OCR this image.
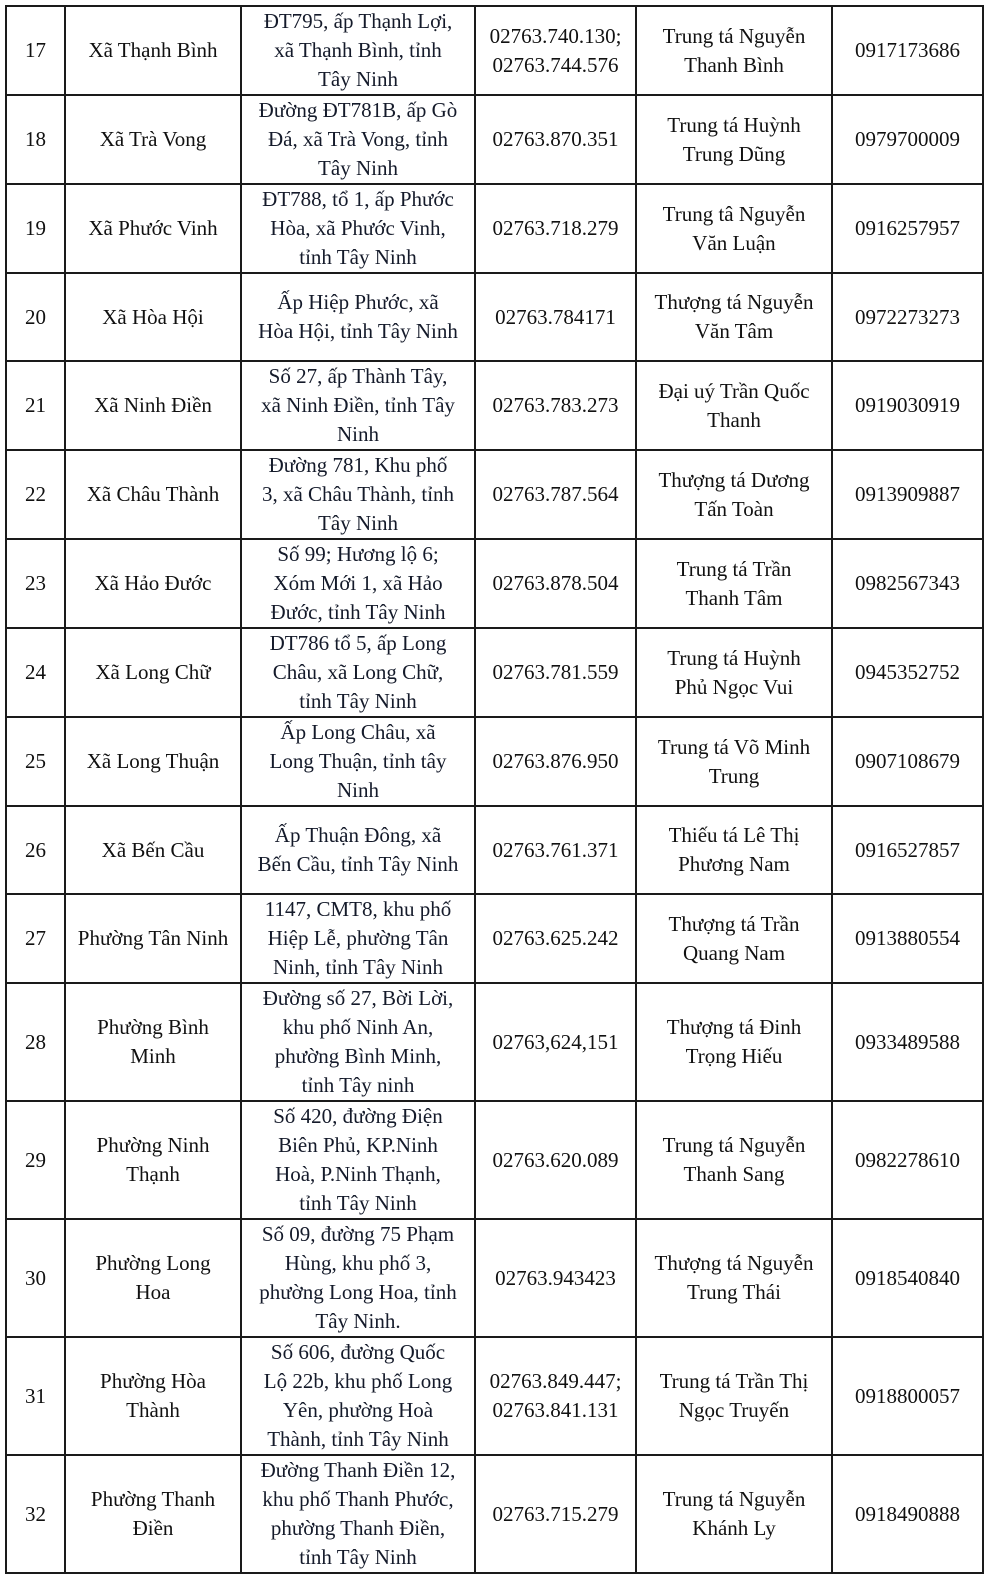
17	Xã Thạnh Bình	ĐT795, ấp Thạnh Lợi,
xã Thạnh Bình, tỉnh
Tây Ninh	02763.740.130;
02763.744.576	Trung tá Nguyễn
Thanh Bình	0917173686

18	Xã Trà Vong	Đường ĐT781B, ấp Gò
Đá, xã Trà Vong, tỉnh
Tây Ninh	02763.870.351	Trung tá Huỳnh
Trung Dũng	0979700009

19	Xã Phước Vinh	ĐT788, tổ 1, ấp Phước
Hòa, xã Phước Vinh,
tỉnh Tây Ninh	02763.718.279	Trung tâ Nguyễn
Văn Luận	0916257957

20	Xã Hòa Hội	Ấp Hiệp Phước, xã
Hòa Hội, tỉnh Tây Ninh	02763.784171	Thượng tá Nguyễn
Văn Tâm	0972273273

21	Xã Ninh Điền	Số 27, ấp Thành Tây,
xã Ninh Điền, tỉnh Tây
Ninh	02763.783.273	Đại uý Trần Quốc
Thanh	0919030919

22	Xã Châu Thành	Đường 781, Khu phố
3, xã Châu Thành, tỉnh
Tây Ninh	02763.787.564	Thượng tá Dương
Tấn Toàn	0913909887

23	Xã Hảo Đước	Số 99; Hương lộ 6;
Xóm Mới 1, xã Hảo
Đước, tỉnh Tây Ninh	02763.878.504	Trung tá Trần
Thanh Tâm	0982567343

24	Xã Long Chữ	DT786 tổ 5, ấp Long
Châu, xã Long Chữ,
tỉnh Tây Ninh	02763.781.559	Trung tá Huỳnh
Phủ Ngọc Vui	0945352752

25	Xã Long Thuận	Ấp Long Châu, xã
Long Thuận, tỉnh tây
Ninh	02763.876.950	Trung tá Võ Minh
Trung	0907108679

26	Xã Bến Cầu	Ấp Thuận Đông, xã
Bến Cầu, tỉnh Tây Ninh	02763.761.371	Thiếu tá Lê Thị
Phương Nam	0916527857

27	Phường Tân Ninh	1147, CMT8, khu phố
Hiệp Lễ, phường Tân
Ninh, tỉnh Tây Ninh	02763.625.242	Thượng tá Trần
Quang Nam	0913880554

28	Phường Bình
Minh	Đường số 27, Bời Lời,
khu phố Ninh An,
phường Bình Minh,
tỉnh Tây ninh	02763,624,151	Thượng tá Đinh
Trọng Hiếu	0933489588

29	Phường Ninh
Thạnh	Số 420, đường Điện
Biên Phủ, KP.Ninh
Hoà, P.Ninh Thạnh,
tỉnh Tây Ninh	02763.620.089	Trung tá Nguyễn
Thanh Sang	0982278610

30	Phường Long
Hoa	Số 09, đường 75 Phạm
Hùng, khu phố 3,
phường Long Hoa, tỉnh
Tây Ninh.	02763.943423	Thượng tá Nguyễn
Trung Thái	0918540840

31	Phường Hòa
Thành	Số 606, đường Quốc
Lộ 22b, khu phố Long
Yên, phường Hoà
Thành, tỉnh Tây Ninh	02763.849.447;
02763.841.131	Trung tá Trần Thị
Ngọc Truyến	0918800057

32	Phường Thanh
Điền	Đường Thanh Điền 12,
khu phố Thanh Phước,
phường Thanh Điền,
tỉnh Tây Ninh	02763.715.279	Trung tá Nguyễn
Khánh Ly	0918490888
